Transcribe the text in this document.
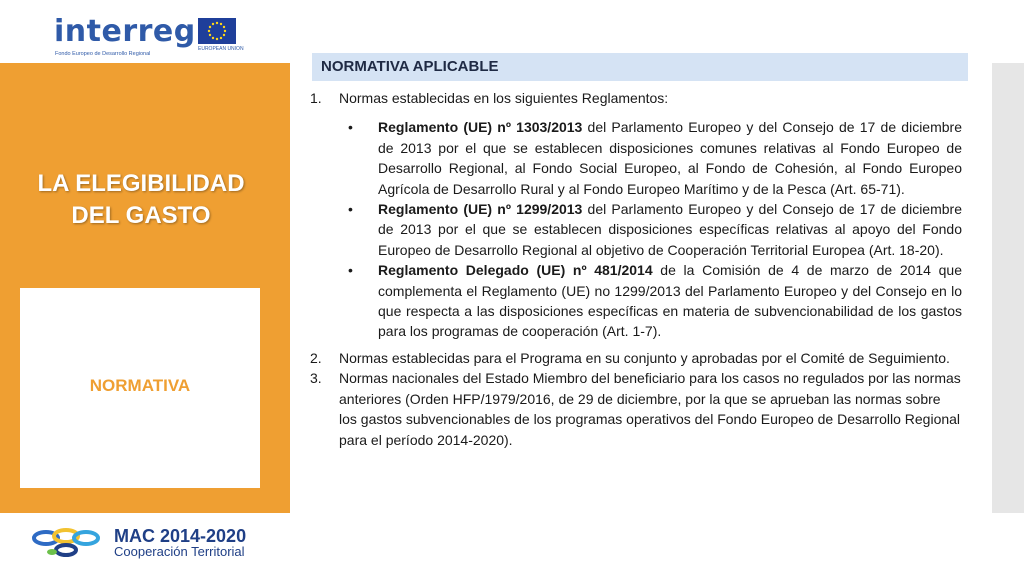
interreg
Fondo Europeo de Desarrollo Regional
EUROPEAN UNION
LA ELEGIBILIDAD
DEL GASTO
NORMATIVA
NORMATIVA APLICABLE
1. Normas establecidas en los siguientes Reglamentos:
• Reglamento (UE) nº 1303/2013 del Parlamento Europeo y del Consejo de 17 de diciembre de 2013 por el que se establecen disposiciones comunes relativas al Fondo Europeo de Desarrollo Regional, al Fondo Social Europeo, al Fondo de Cohesión, al Fondo Europeo Agrícola de Desarrollo Rural y al Fondo Europeo Marítimo y de la Pesca (Art. 65-71).
• Reglamento (UE) nº 1299/2013 del Parlamento Europeo y del Consejo de 17 de diciembre de 2013 por el que se establecen disposiciones específicas relativas al apoyo del Fondo Europeo de Desarrollo Regional al objetivo de Cooperación Territorial Europea (Art. 18-20).
• Reglamento Delegado (UE) nº 481/2014 de la Comisión de 4 de marzo de 2014 que complementa el Reglamento (UE) no 1299/2013 del Parlamento Europeo y del Consejo en lo que respecta a las disposiciones específicas en materia de subvencionabilidad de los gastos para los programas de cooperación (Art. 1-7).
2. Normas establecidas para el Programa en su conjunto y aprobadas por el Comité de Seguimiento.
3. Normas nacionales del Estado Miembro del beneficiario para los casos no regulados por las normas anteriores (Orden HFP/1979/2016, de 29 de diciembre, por la que se aprueban las normas sobre los gastos subvencionables de los programas operativos del Fondo Europeo de Desarrollo Regional para el período 2014-2020).
MAC 2014-2020
Cooperación Territorial
